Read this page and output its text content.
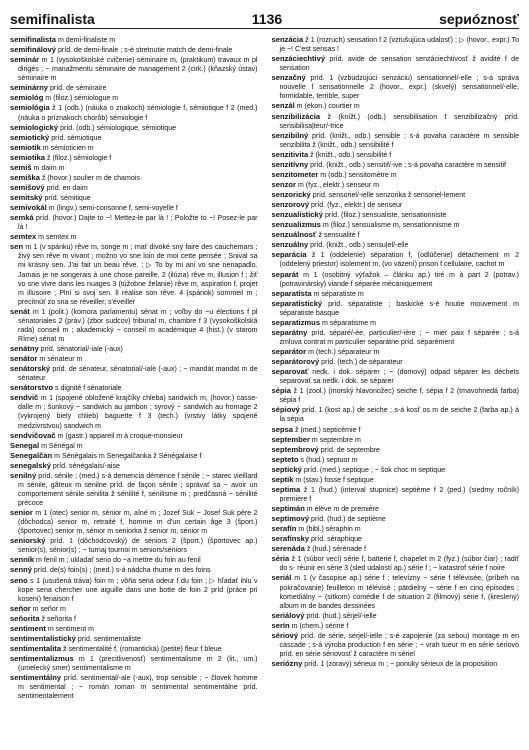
semifinalista	1136	sериóznosť

semifinalista m demi-finaliste m

semifinálový príd. de demi-finale ; s-é stretnutie match de demi-finale

seminár m 1 (vysokoškolské cvičenie) séminaire m, (praktikum) travaux m pl dirigés ; ~ manažmentu séminaire de management 2 (cirk.) (kňazský ústav) séminaire m

seminárny príd. de séminaire

semiológ m (filoz.) sémiologue m

semiológia ž 1 (odb.) (náuka o znakoch) sémiologie f, sémiotique f 2 (med.) (náuka o príznakoch chorôb) sémiologie f

semiologický príd. (odb.) sémiologique, sémiotique

semiotický príd. sémiotique

semiotik m sémioticien m

semiotika ž (filoz.) sémiologie f

semiš m daim m

semiška ž (hovor.) soulier m de chamois

semišový príd. en daim

semitský príd. sémitique

semivokál m (lingv.) semi-consonne f, semi-voyelle f

semká príd. (hovor.) Dajte to ~! Mettez-le par là ! ; Položte to ~! Posez-le par là !

semtex m semtex m

sen m 1 (v spánku) rêve m, songe m ; mať divoké sny faire des cauchemars ; živý sen rêve m vivant ; možno vo sne loin de moi cette pensée ; Snival sa mi krásny sen. J'ai fait un beau rêve. ; ▷ To by mi ani vo sne nenapadlo. Jamais je ne songerais à une chose pareille. 2 (ilúzia) rêve m, illusion f ; žiť vo sne vivre dans les nuages 3 (túžobne želanie) rêve m, aspiration f, projet m illusoire ; Plní si svoj sen. Il réalise son rêve. 4 (spánok) sommeil m ; precitnúť zo sna se réveiller, s'éveiller

senát m 1 (polit.) (komora parlamentu) sénat m ; voľby do ~u élections f pl sénatoriales 2 (práv.) (zbor sudcov) tribunal m, chambre f 3 (vysokoškolská rada) conseil m ; akademický ~ conseil m académique 4 (hist.) (v starom Ríme) sénat m

senátny príd. sénatorial/-iale (-aux)

senátor m sénateur m

senátorský príd. de sénateur, sénatorial/-iale (-aux) ; ~ mandát mandat m de sénateur

senátorstvo s dignité f sénatoriale

sendvič m 1 (spojené obložené krajčíky chleba) sandwich m, (hovor.) casse-dalle m ; šunkový ~ sandwich au jambon ; syrový ~ sandwich au fromage 2 (vykrojený biely chlieb) baguette f 3 (tech.) (vrstvy látky spojené medzivrstvou) sandwich m

sendvičovač m (gastr.) appareil m à croque-monsieur

Senegal m Sénégal m

Senegalčan m Sénégalais m Senegalčanka ž Sénégalaise f

senegalský príd. sénégalais/-aise

senilný príd. sénile ; (med.) s-á demencia démence f sénile ; ~ starec vieillard m sénile, gâteux m senilne príd. de façon sénile ; správať sa ~ avoir un comportement sénile senilita ž sénilité f, sénilisme m ; predčasná ~ sénilité précoce

senior m 1 (otec) senior m, sénior m, aîné m ; Jozef Suk ~ Josef Suk père 2 (dôchodca) senior m, retraité f, homme m d'un certain âge 3 (šport.) (športovec) senior m, sénior m seniorka ž senior m, sénior m

seniorský príd. 1 (dôchodcovský) de séniors 2 (šport.) (športovec ap.) senior(s), sénior(s) ; ~ turnaj tournoi m seniors/séniors

senník m fenil m ; ukladať seno do ~a mettre du foin au fenil

senný príd. de(s) foin(s) ; (med.) s-á nádcha rhume m des foins

seno s 1 (usušená tráva) foin m ; vôňa sena odeur f du foin ; ▷ hľadať ihlu v kope sena chercher une aiguille dans une botte de foin 2 príd (práce pri kosení) fenaison f

seňor m señor m

seňorita ž señorita f

sentiment m sentiment m

sentimentalistický príd. sentimentaliste

sentimentalita ž sentimentalité f, (romantická) (petite) fleur f bleue

sentimentalizmus m 1 (precitlivenosť) sentimentalisme m 2 (lit., um.) (umelecký smer) sentimentalisme m

sentimentálny príd. sentimental/-ale (-aux), trop sensible ; ~ človek homme m sentimental ; ~ román roman m sentimental sentimentálne príd. sentimentalement

senzácia ž 1 (rozruch) sensation f 2 (vzrušujúca udalosť) ; ▷ (hovor., expr.) To je ~! C'est sensas !

senzáciechtivý príd. avide de sensation senzáciechtivosť ž avidité f de sensation

senzačný príd. 1 (vzbudzujúci senzáciu) sensationnel/-elle ; s-á správa nouvelle f sensationnelle 2 (hovor., expr.) (skvelý) sensationnel/-elle, formidable, terrible, super

senzál m (ekon.) courtier m

senzibilizácia ž (knížt.) (odb.) sensibilisation f senzibilizačný príd. sensibilisa|teur/-trice

senzibilný príd. (knižt., odb.) sensible ; s-á povaha caractère m sensible senzibilita ž (knižt., odb.) sensibilité f

senzitivita ž (knižt., odb.) sensibilité f

senzitívny príd. (knižt., odb.) sensitif/-ive ; s-á povaha caractère m sensitif

senzitometer m (odb.) sensitomètre m

senzor m (fyz., elektr.) senseur m

senzorický príd. sensoriel/-ielle senzorika ž sensoriel-lement

senzorový príd. (fyz., elektr.) de senseur

senzualistický príd. (filoz.) sensualiste, sensationniste

senzualizmus m (filoz.) sensualisme m, sensationnisme m

senzuálnosť ž sensualité f

senzuálny príd. (knižt., odb.) sensu|el/-elle

separácia ž 1 (oddelenie) séparation f, (odlúčenie) détachement m 2 (oddelený priestor) isolement m, (vo väzení) prison f cellulaire, cachot m

separát m 1 (osobitný výťažok – článku ap.) tiré m à part 2 (potrav.) (potravinársky) viande f séparée mécaniquement

separatista m séparatiste m

separatistický príd. séparatiste ; baskické s-é hnutie mouvement m séparatiste basque

separatizmus m séparatisme m

separátny príd. séparé/-ée, particulier/-ière ; ~ mier paix f séparée ; s-á zmluva contrat m particulier separátne príd. séparément

separátor m (tech.) séparateur m

separátorový príd. (tech.) de séparateur

separovať nedk. i dok. séparer ; ~ (domový) odpad séparer les déchets separovať sa nedk. i dok. se séparer

sépia ž 1 (zool.) (morský hlavonožec) seiche f, sépia f 2 (tmavohnedá farba) sépia f

sépiový príd. 1 (kost ap.) de seiche ; s-á kosť os m de seiche 2 (farba ap.) à la sépia

sepsa ž (med.) septicémie f

september m septembre m

septembrový príd. de septembre

septeto s (hud.) septuor m

septický príd. (med.) septique ; ~ šok choc m septique

septik m (stav.) fosse f septique

septima ž 1 (hud.) (interval stupnice) septième f 2 (ped.) (siedmy ročník) première f

septimán m élève m de première

septimový príd. (hud.) de septième

serafín m (bibl.) séraphin m

serafínsky príd. séraphique

serenáda ž (hud.) sérénade f

séria ž 1 (súbor vecí) série f, batterie f, chapelet m 2 (fyz.) (súbor čiar) ; radiť do s- réunir en série 3 (sled udalostí ap.) série f ; ~ katastrof série f noire

seriál m 1 (v časopise ap.) série f ; televízny ~ série f télévisée, (príbeh na pokračovanie) feuilleton m télévisé ; pätdielny ~ série f en cinq épisodes ; komediálny ~ (sitkom) comédie f de situation 2 (filmový) série f, (kreslený) album m de bandes dessinées

seriálový príd. (hud.) sérjel/-ielle

serín m (chem.) sérine f

sériový príd. de série, sérjel/-ielle ; s-é zapojenie (za sebou) montage m en cascade ; s-á výroba production f en série ; ~ vrah tueur m en série sériovo príd. en série sériovosť ž caractère m sériel

seriózny príd. 1 (zoravý) sérieux m ; ~ ponuky sérieux de la proposition
